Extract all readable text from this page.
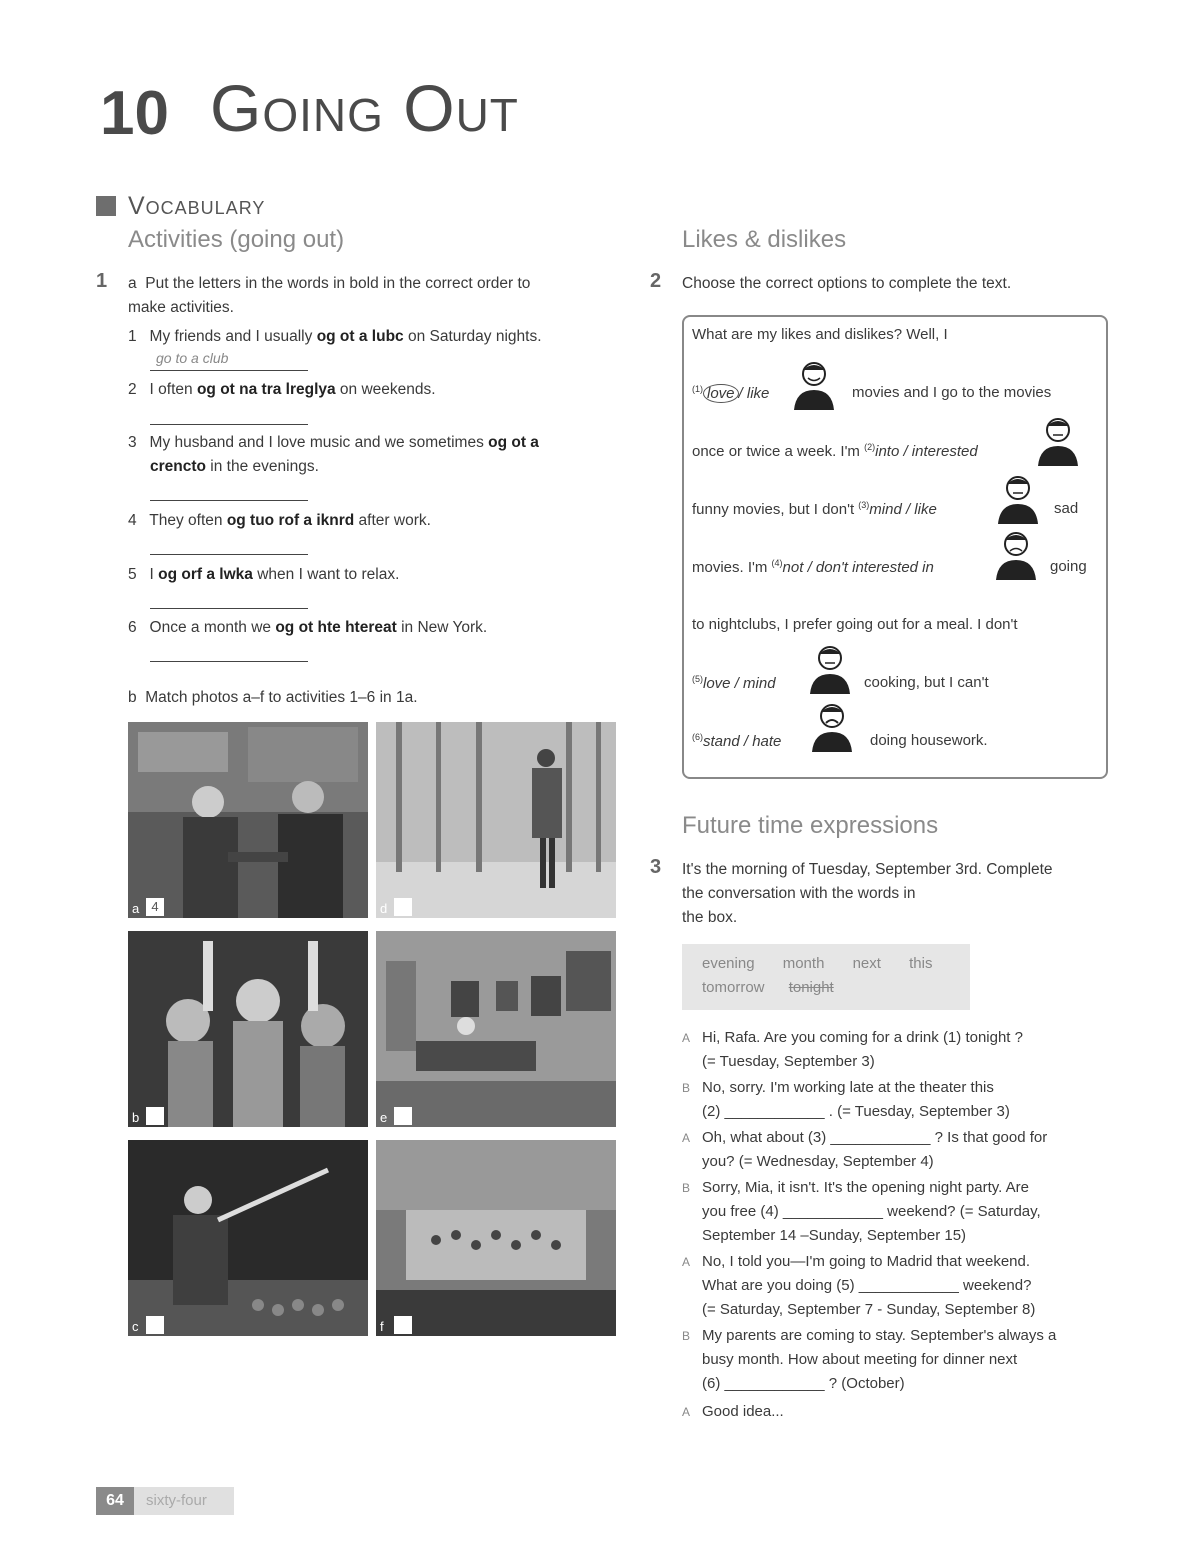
10 Going Out
Vocabulary
Activities (going out)
1 a Put the letters in the words in bold in the correct order to
make activities.
1 My friends and I usually og ot a lubc on Saturday nights.
go to a club
2 I often og ot na tra lreglya on weekends.
3 My husband and I love music and we sometimes og ot a
crencto in the evenings.
4 They often og tuo rof a iknrd after work.
5 I og orf a lwka when I want to relax.
6 Once a month we og ot hte htereat in New York.
b Match photos a–f to activities 1–6 in 1a.
a 4	d
b	e
c	f
Likes & dislikes
2 Choose the correct options to complete the text.
What are my likes and dislikes? Well, I
$^{(1)}$ love / like	movies and I go to the movies
once or twice a week. I'm $^{(2)}$into / interested
funny movies, but I don't $^{(3)}$mind / like	sad
movies. I'm $^{(4)}$not / don't interested in	going
to nightclubs, I prefer going out for a meal. I don't
$^{(5)}$love / mind	cooking, but I can't
$^{(6)}$stand / hate	doing housework.
Future time expressions
3 It's the morning of Tuesday, September 3rd. Complete
the conversation with the words in
the box.
evening month next this
tomorrow tonight
A Hi, Rafa. Are you coming for a drink (1) tonight ?
(= Tuesday, September 3)
B No, sorry. I'm working late at the theater this
(2) ____________ . (= Tuesday, September 3)
A Oh, what about (3) ____________ ? Is that good for
you? (= Wednesday, September 4)
B Sorry, Mia, it isn't. It's the opening night party. Are
you free (4) ____________ weekend? (= Saturday,
September 14 –Sunday, September 15)
A No, I told you—I'm going to Madrid that weekend.
What are you doing (5) ____________ weekend?
(= Saturday, September 7 - Sunday, September 8)
B My parents are coming to stay. September's always a
busy month. How about meeting for dinner next
(6) ____________ ? (October)
A Good idea...
64	sixty-four
